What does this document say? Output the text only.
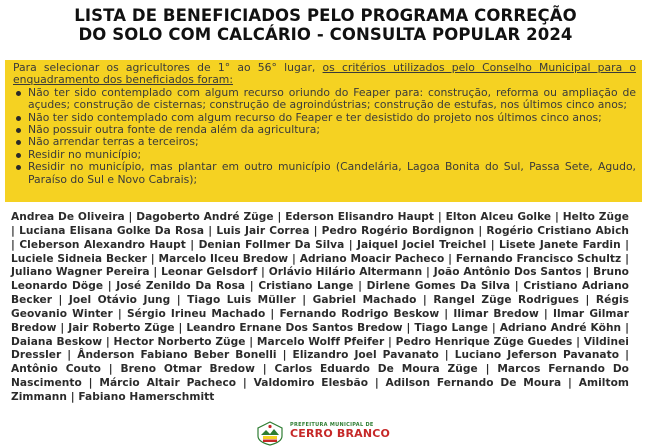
LISTA DE BENEFICIADOS PELO PROGRAMA CORREÇÃO
DO SOLO COM CALCÁRIO - CONSULTA POPULAR 2024

Para selecionar os agricultores de 1° ao 56° lugar, os critérios utilizados pelo Conselho Municipal para o enquadramento dos beneficiados foram:

Não ter sido contemplado com algum recurso oriundo do Feaper para: construção, reforma ou ampliação de açudes; construção de cisternas; construção de agroindústrias; construção de estufas, nos últimos cinco anos;
Não ter sido contemplado com algum recurso do Feaper e ter desistido do projeto nos últimos cinco anos;
Não possuir outra fonte de renda além da agricultura;
Não arrendar terras a terceiros;
Residir no município;
Residir no município, mas plantar em outro município (Candelária, Lagoa Bonita do Sul, Passa Sete, Agudo, Paraíso do Sul e Novo Cabrais);
Andrea De Oliveira | Dagoberto André Züge | Ederson Elisandro Haupt | Elton Alceu Golke | Helto Züge | Luciana Elisana Golke Da Rosa | Luis Jair Correa | Pedro Rogério Bordignon | Rogério Cristiano Abich | Cleberson Alexandro Haupt | Denian Follmer Da Silva | Jaiquel Jociel Treichel | Lisete Janete Fardin | Luciele Sidneia Becker | Marcelo Ilceu Bredow | Adriano Moacir Pacheco | Fernando Francisco Schultz | Juliano Wagner Pereira | Leonar Gelsdorf | Orlávio Hilário Altermann | João Antônio Dos Santos | Bruno Leonardo Döge | José Zenildo Da Rosa | Cristiano Lange | Dirlene Gomes Da Silva | Cristiano Adriano Becker | Joel Otávio Jung | Tiago Luis Müller | Gabriel Machado | Rangel Züge Rodrigues | Régis Geovanio Winter | Sérgio Irineu Machado | Fernando Rodrigo Beskow | Ilimar Bredow | Ilmar Gilmar Bredow | Jair Roberto Züge | Leandro Ernane Dos Santos Bredow | Tiago Lange | Adriano André Köhn | Daiana Beskow | Hector Norberto Züge | Marcelo Wolff Pfeifer | Pedro Henrique Züge Guedes | Vildinei Dressler | Ânderson Fabiano Beber Bonelli | Elizandro Joel Pavanato | Luciano Jeferson Pavanato | Antônio Couto | Breno Otmar Bredow | Carlos Eduardo De Moura Züge | Marcos Fernando Do Nascimento | Márcio Altair Pacheco | Valdomiro Elesbão | Adilson Fernando De Moura | Amiltom Zimmann | Fabiano Hamerschmitt
PREFEITURA MUNICIPAL DE
CERRO BRANCO
